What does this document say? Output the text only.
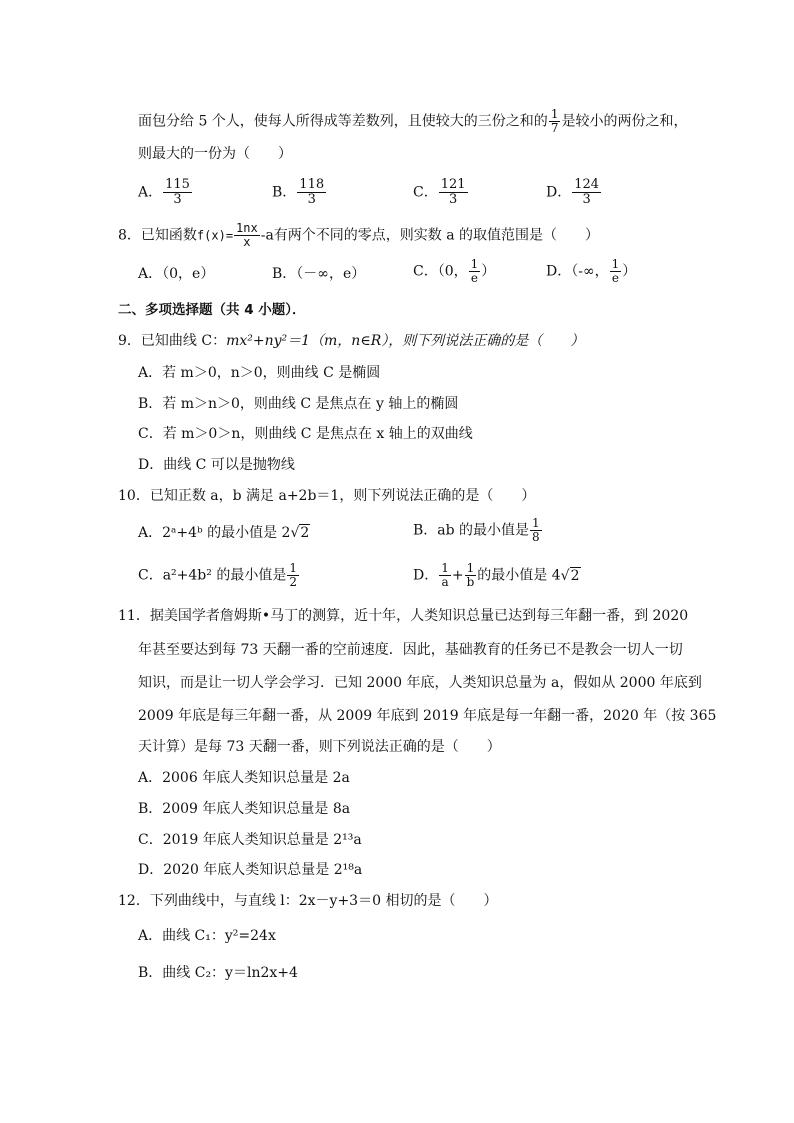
面包分给 5 个人，使每人所得成等差数列，且使较大的三份之和的 $\frac{1}{7}$ 是较小的两份之和，
则最大的一份为（　　）
A． $\frac{115}{3}$	B． $\frac{118}{3}$	C． $\frac{121}{3}$	D． $\frac{124}{3}$
8．已知函数$f(x)= \frac{1nx}{x} -a$有两个不同的零点，则实数 a 的取值范围是（　　）
A．（0，e）	B．（－∞，e）	C．（0， $\frac{1}{e}$ ）	D．（-∞， $\frac{1}{e}$ ）
二、多项选择题（共 4 小题）．
9．已知曲线 C：mx²+ny²＝1（m，n∈R），则下列说法正确的是（　　）
A．若 m＞0，n＞0，则曲线 C 是椭圆
B．若 m＞n＞0，则曲线 C 是焦点在 y 轴上的椭圆
C．若 m＞0＞n，则曲线 C 是焦点在 x 轴上的双曲线
D．曲线 C 可以是抛物线
10．已知正数 a，b 满足 a+2b＝1，则下列说法正确的是（　　）
A．2ᵃ+4ᵇ 的最小值是 2√2	B．ab 的最小值是 $\frac{1}{8}$
C．a²+4b² 的最小值是 $\frac{1}{2}$	D． $\frac{1}{a} + \frac{1}{b}$ 的最小值是 4√2
11．据美国学者詹姆斯•马丁的测算，近十年，人类知识总量已达到每三年翻一番，到 2020
年甚至要达到每 73 天翻一番的空前速度．因此，基础教育的任务已不是教会一切人一切
知识，而是让一切人学会学习．已知 2000 年底，人类知识总量为 a，假如从 2000 年底到
2009 年底是每三年翻一番，从 2009 年底到 2019 年底是每一年翻一番，2020 年（按 365
天计算）是每 73 天翻一番，则下列说法正确的是（　　）
A．2006 年底人类知识总量是 2a
B．2009 年底人类知识总量是 8a
C．2019 年底人类知识总量是 2¹³a
D．2020 年底人类知识总量是 2¹⁸a
12．下列曲线中，与直线 l：2x－y+3＝0 相切的是（　　）
A．曲线 C₁：y²=24x
B．曲线 C₂：y＝ln2x+4
